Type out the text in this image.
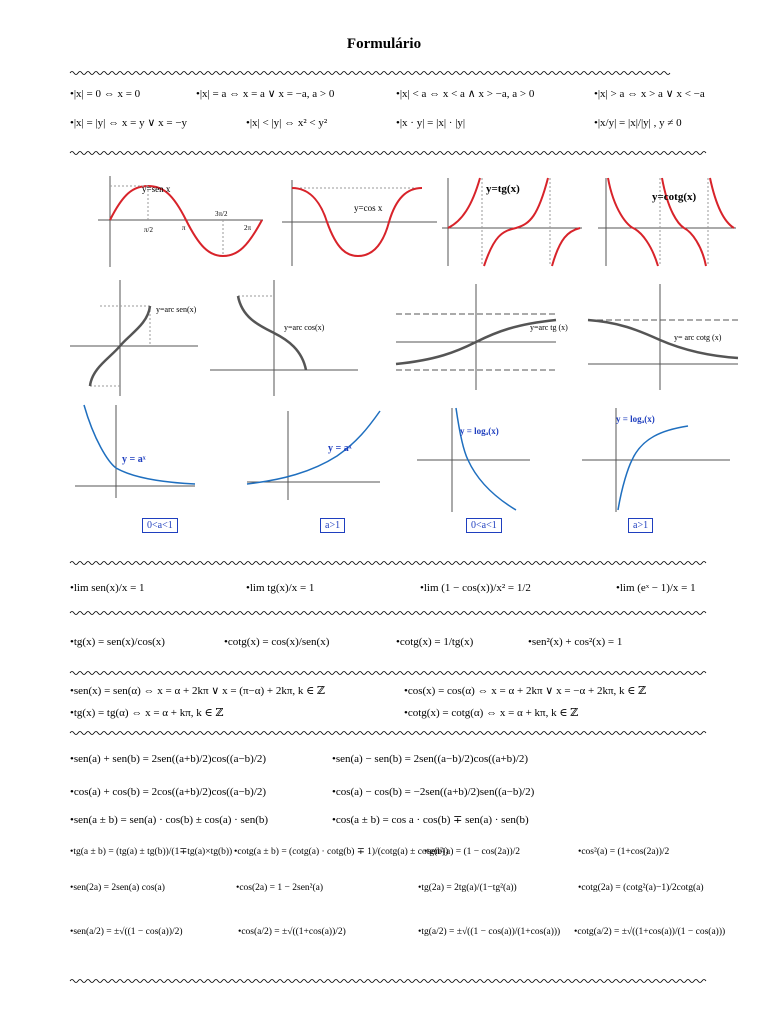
Formulário
•|x| = 0 ⇔ x = 0	•|x| = a ⇔ x = a ∨ x = −a, a > 0	•|x| < a ⇔ x < a ∧ x > −a, a > 0	•|x| > a ⇔ x > a ∨ x < −a
•|x| = |y| ⇔ x = y ∨ x = −y	•|x| < |y| ⇔ x² < y²	•|x · y| = |x| · |y|	•|x/y| = |x|/|y| , y ≠ 0
y=sen x
π/2	π
3π/2
2π
y=cos x
y=tg(x)
y=cotg(x)
y=arc sen(x)
y=arc cos(x)	y=arc tg (x)
y= arc cotg (x)
y = aˣ
0<a<1
y = aˣ
a>1
y = logₐ(x)
0<a<1
y = logₐ(x)
a>1
•lim sen(x)/x = 1	•lim tg(x)/x = 1	•lim (1 − cos(x))/x² = 1/2	•lim (eˣ − 1)/x = 1
•tg(x) = sen(x)/cos(x)	•cotg(x) = cos(x)/sen(x)	•cotg(x) = 1/tg(x)	•sen²(x) + cos²(x) = 1
•sen(x) = sen(α) ⇔ x = α + 2kπ ∨ x = (π−α) + 2kπ, k ∈ ℤ	•cos(x) = cos(α) ⇔ x = α + 2kπ ∨ x = −α + 2kπ, k ∈ ℤ
•tg(x) = tg(α) ⇔ x = α + kπ, k ∈ ℤ	•cotg(x) = cotg(α) ⇔ x = α + kπ, k ∈ ℤ
•sen(a) + sen(b) = 2sen((a+b)/2)cos((a−b)/2)	•sen(a) − sen(b) = 2sen((a−b)/2)cos((a+b)/2)
•cos(a) + cos(b) = 2cos((a+b)/2)cos((a−b)/2)	•cos(a) − cos(b) = −2sen((a+b)/2)sen((a−b)/2)
•sen(a ± b) = sen(a) · cos(b) ± cos(a) · sen(b)	•cos(a ± b) = cos a · cos(b) ∓ sen(a) · sen(b)
•tg(a ± b) = (tg(a) ± tg(b))/(1∓tg(a)×tg(b)) •cotg(a ± b) = (cotg(a) · cotg(b) ∓ 1)/(cotg(a) ± cotg(b))
•sen²(a) = (1 − cos(2a))/2	•cos²(a) = (1+cos(2a))/2
•sen(2a) = 2sen(a) cos(a)	•cos(2a) = 1 − 2sen²(a)	•tg(2a) = 2tg(a)/(1−tg²(a))	•cotg(2a) = (cotg²(a)−1)/2cotg(a)
•sen(a/2) = ±√((1 − cos(a))/2)	•cos(a/2) = ±√((1+cos(a))/2)	•tg(a/2) = ±√((1 − cos(a))/(1+cos(a))) •cotg(a/2) = ±√((1+cos(a))/(1 − cos(a)))
